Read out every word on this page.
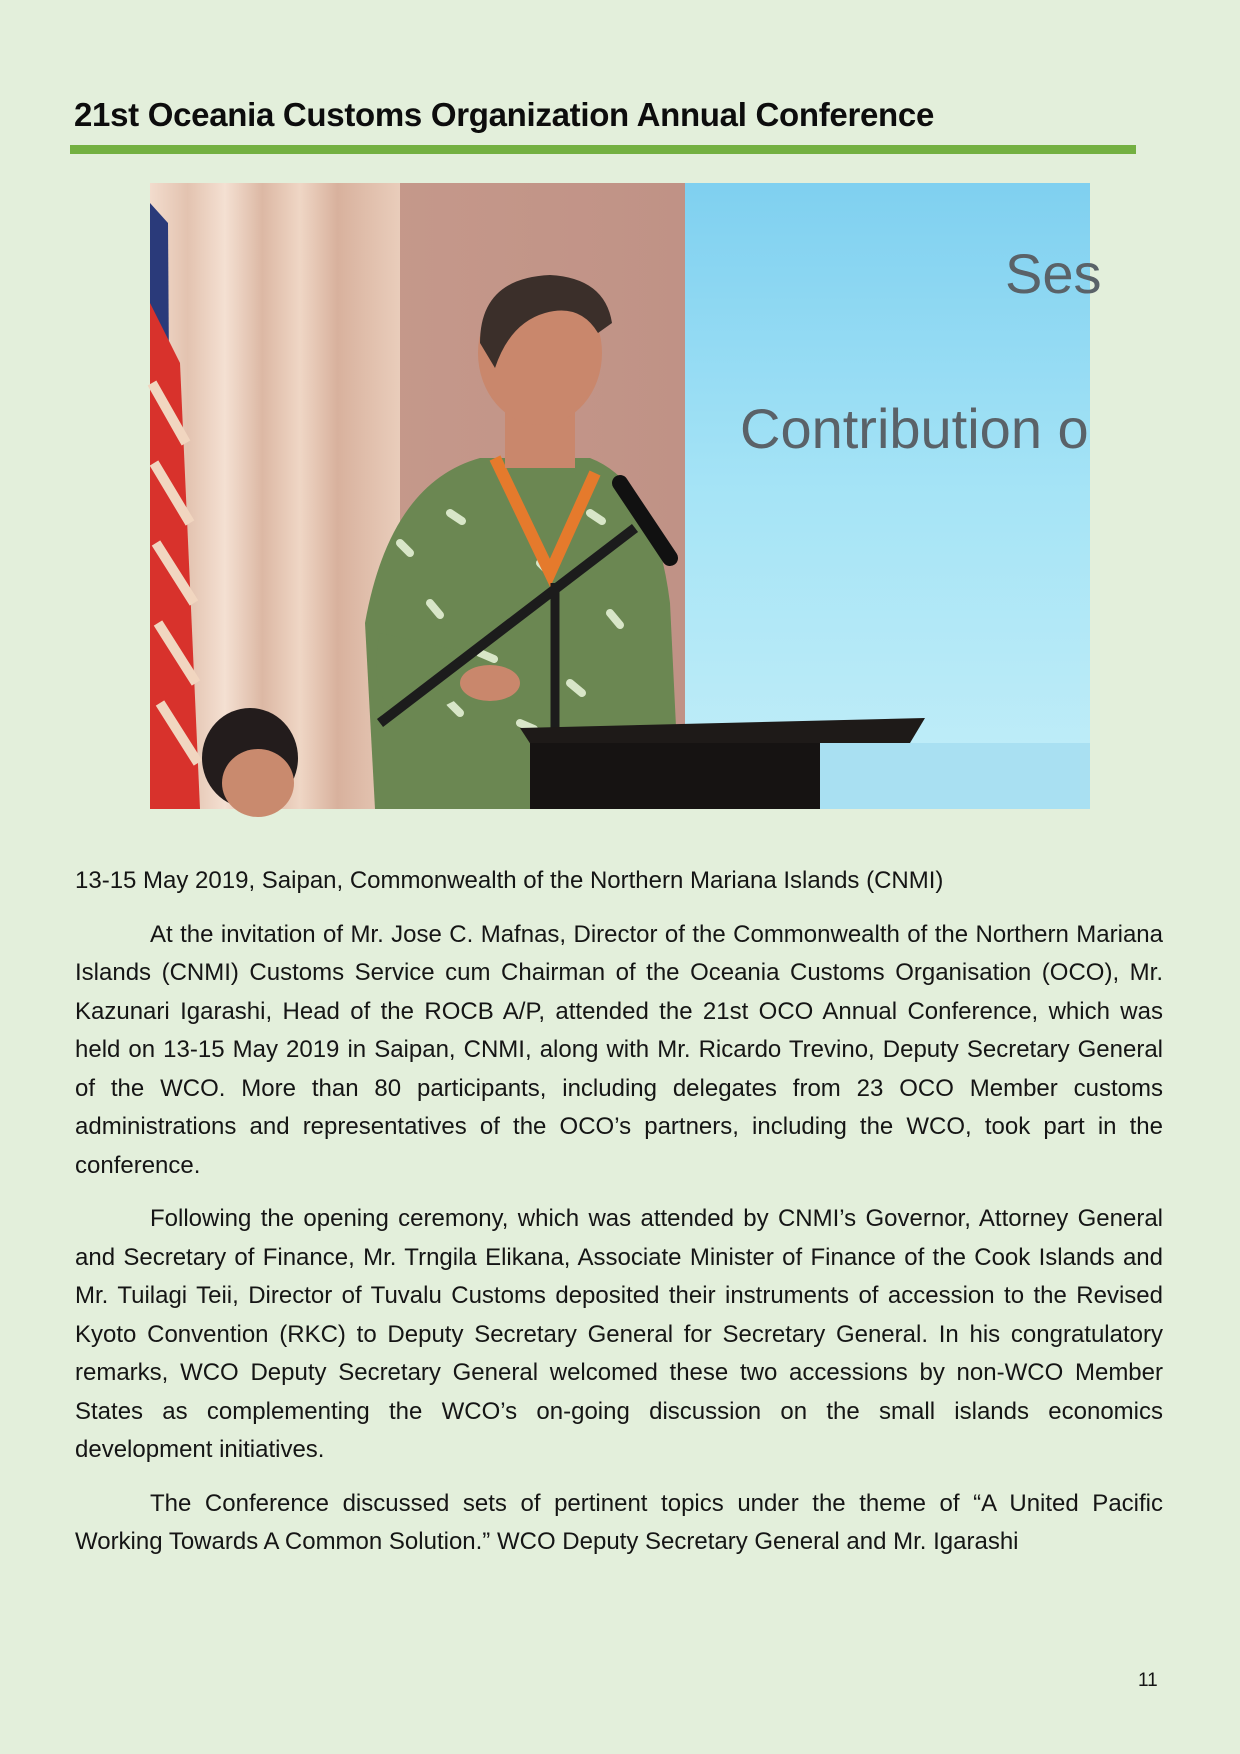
21st Oceania Customs Organization Annual Conference
Ses
Contribution o

13-15 May 2019, Saipan, Commonwealth of the Northern Mariana Islands (CNMI)

At the invitation of Mr. Jose C. Mafnas, Director of the Commonwealth of the Northern Mariana Islands (CNMI) Customs Service cum Chairman of the Oceania Customs Organisation (OCO), Mr. Kazunari Igarashi, Head of the ROCB A/P, attended the 21st OCO Annual Conference, which was held on 13-15 May 2019 in Saipan, CNMI, along with Mr. Ricardo Trevino, Deputy Secretary General of the WCO. More than 80 participants, including delegates from 23 OCO Member customs administrations and representatives of the OCO’s partners, including the WCO, took part in the conference.

Following the opening ceremony, which was attended by CNMI’s Governor, Attorney General and Secretary of Finance, Mr. Trngila Elikana, Associate Minister of Finance of the Cook Islands and Mr. Tuilagi Teii, Director of Tuvalu Customs deposited their instruments of accession to the Revised Kyoto Convention (RKC) to Deputy Secretary General for Secretary General. In his congratulatory remarks, WCO Deputy Secretary General welcomed these two accessions by non-WCO Member States as complementing the WCO’s on-going discussion on the small islands economics development initiatives.

The Conference discussed sets of pertinent topics under the theme of “A United Pacific Working Towards A Common Solution.” WCO Deputy Secretary General and Mr. Igarashi

11
